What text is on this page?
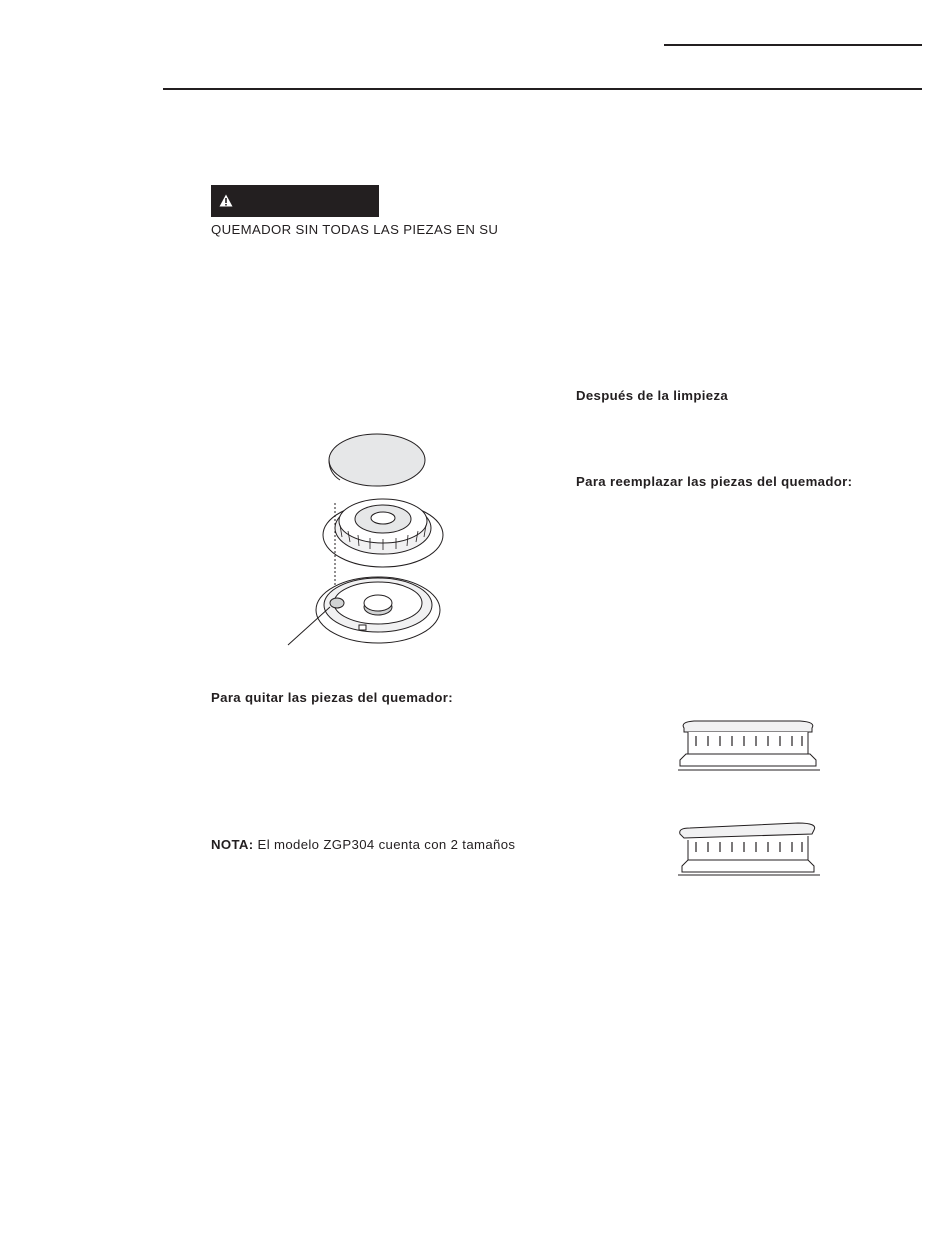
QUEMADOR SIN TODAS LAS PIEZAS EN SU
Después de la limpieza
Para reemplazar las piezas del quemador:
Para quitar las piezas del quemador:
NOTA: El modelo ZGP304 cuenta con 2 tamaños
